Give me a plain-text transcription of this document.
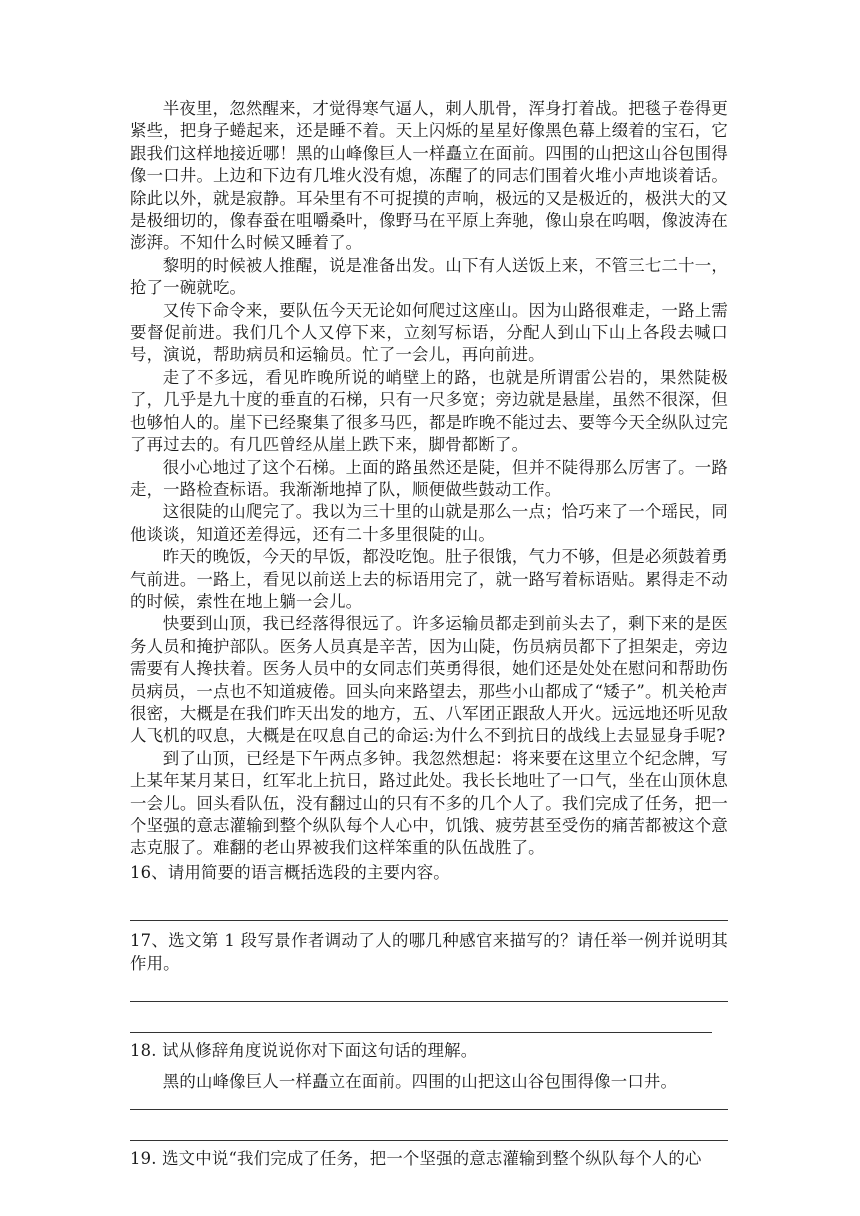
半夜里，忽然醒来，才觉得寒气逼人，刺人肌骨，浑身打着战。把毯子卷得更紧些，把身子蜷起来，还是睡不着。天上闪烁的星星好像黑色幕上缀着的宝石，它跟我们这样地接近哪！黑的山峰像巨人一样矗立在面前。四围的山把这山谷包围得像一口井。上边和下边有几堆火没有熄，冻醒了的同志们围着火堆小声地谈着话。除此以外，就是寂静。耳朵里有不可捉摸的声响，极远的又是极近的，极洪大的又是极细切的，像春蚕在咀嚼桑叶，像野马在平原上奔驰，像山泉在呜咽，像波涛在澎湃。不知什么时候又睡着了。

黎明的时候被人推醒，说是准备出发。山下有人送饭上来，不管三七二十一，抢了一碗就吃。

又传下命令来，要队伍今天无论如何爬过这座山。因为山路很难走，一路上需要督促前进。我们几个人又停下来，立刻写标语，分配人到山下山上各段去喊口号，演说，帮助病员和运输员。忙了一会儿，再向前进。

走了不多远，看见昨晚所说的峭壁上的路，也就是所谓雷公岩的，果然陡极了，几乎是九十度的垂直的石梯，只有一尺多宽；旁边就是悬崖，虽然不很深，但也够怕人的。崖下已经聚集了很多马匹，都是昨晚不能过去、要等今天全纵队过完了再过去的。有几匹曾经从崖上跌下来，脚骨都断了。

很小心地过了这个石梯。上面的路虽然还是陡，但并不陡得那么厉害了。一路走，一路检查标语。我渐渐地掉了队，顺便做些鼓动工作。

这很陡的山爬完了。我以为三十里的山就是那么一点；恰巧来了一个瑶民，同他谈谈，知道还差得远，还有二十多里很陡的山。

昨天的晚饭，今天的早饭，都没吃饱。肚子很饿，气力不够，但是必须鼓着勇气前进。一路上，看见以前送上去的标语用完了，就一路写着标语贴。累得走不动的时候，索性在地上躺一会儿。

快要到山顶，我已经落得很远了。许多运输员都走到前头去了，剩下来的是医务人员和掩护部队。医务人员真是辛苦，因为山陡，伤员病员都下了担架走，旁边需要有人搀扶着。医务人员中的女同志们英勇得很，她们还是处处在慰问和帮助伤员病员，一点也不知道疲倦。回头向来路望去，那些小山都成了“矮子”。机关枪声很密，大概是在我们昨天出发的地方，五、八军团正跟敌人开火。远远地还听见敌人飞机的叹息，大概是在叹息自己的命运:为什么不到抗日的战线上去显显身手呢?

到了山顶，已经是下午两点多钟。我忽然想起：将来要在这里立个纪念牌，写上某年某月某日，红军北上抗日，路过此处。我长长地吐了一口气，坐在山顶休息一会儿。回头看队伍，没有翻过山的只有不多的几个人了。我们完成了任务，把一个坚强的意志灌输到整个纵队每个人心中，饥饿、疲劳甚至受伤的痛苦都被这个意志克服了。难翻的老山界被我们这样笨重的队伍战胜了。

16、请用简要的语言概括选段的主要内容。

17、选文第 1 段写景作者调动了人的哪几种感官来描写的？请任举一例并说明其作用。

18. 试从修辞角度说说你对下面这句话的理解。

黑的山峰像巨人一样矗立在面前。四围的山把这山谷包围得像一口井。

19. 选文中说“我们完成了任务，把一个坚强的意志灌输到整个纵队每个人的心
